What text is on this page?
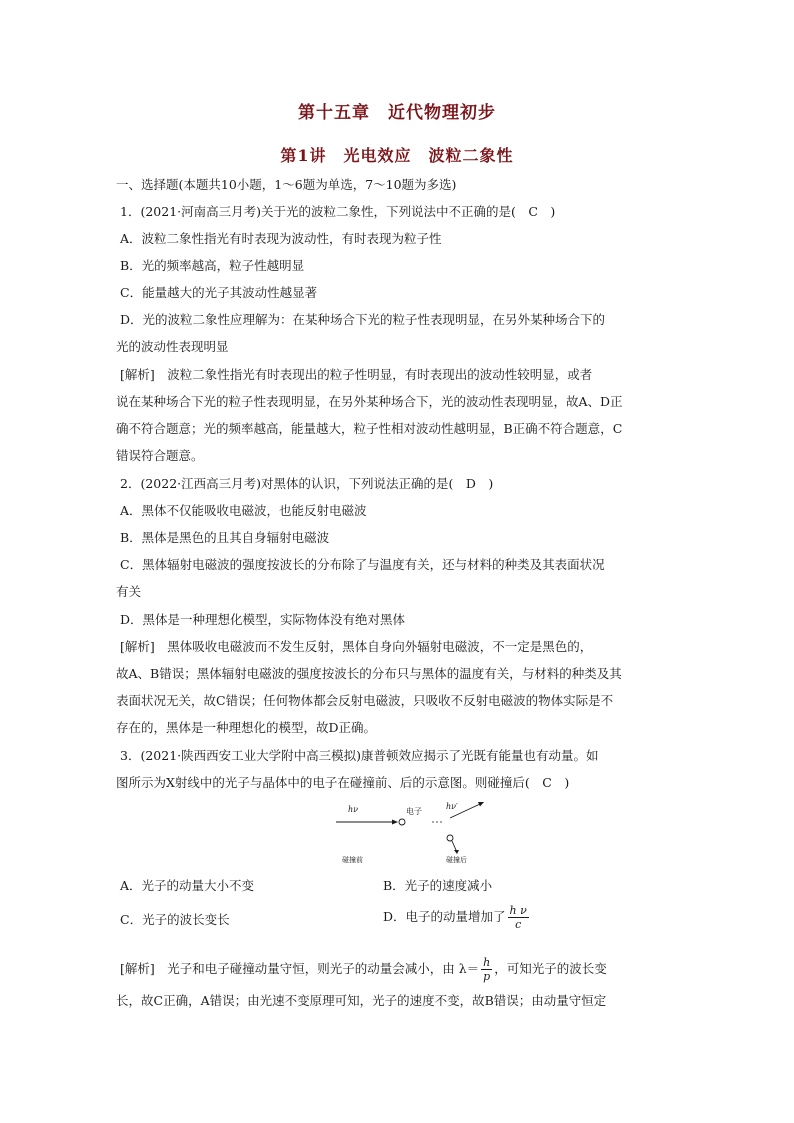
第十五章　近代物理初步
第1讲　光电效应　波粒二象性
一、选择题(本题共10小题，1～6题为单选，7～10题为多选)
1．(2021·河南高三月考)关于光的波粒二象性，下列说法中不正确的是(　C　)
A．波粒二象性指光有时表现为波动性，有时表现为粒子性
B．光的频率越高，粒子性越明显
C．能量越大的光子其波动性越显著
D．光的波粒二象性应理解为：在某种场合下光的粒子性表现明显，在另外某种场合下的
光的波动性表现明显
[解析]　波粒二象性指光有时表现出的粒子性明显，有时表现出的波动性较明显，或者
说在某种场合下光的粒子性表现明显，在另外某种场合下，光的波动性表现明显，故A、D正
确不符合题意；光的频率越高，能量越大，粒子性相对波动性越明显，B正确不符合题意，C
错误符合题意。
2．(2022·江西高三月考)对黑体的认识，下列说法正确的是(　D　)
A．黑体不仅能吸收电磁波，也能反射电磁波
B．黑体是黑色的且其自身辐射电磁波
C．黑体辐射电磁波的强度按波长的分布除了与温度有关，还与材料的种类及其表面状况
有关
D．黑体是一种理想化模型，实际物体没有绝对黑体
[解析]　黑体吸收电磁波而不发生反射，黑体自身向外辐射电磁波，不一定是黑色的，
故A、B错误；黑体辐射电磁波的强度按波长的分布只与黑体的温度有关，与材料的种类及其
表面状况无关，故C错误；任何物体都会反射电磁波，只吸收不反射电磁波的物体实际是不
存在的，黑体是一种理想化的模型，故D正确。
3．(2021·陕西西安工业大学附中高三模拟)康普顿效应揭示了光既有能量也有动量。如
图所示为X射线中的光子与晶体中的电子在碰撞前、后的示意图。则碰撞后(　C　)
hν	电子
hν′
碰撞前	碰撞后
A．光子的动量大小不变	B．光子的速度减小
C．光子的波长变长	D．电子的动量增加了 $\frac{\text{h ν}}{c}$
[解析]　光子和电子碰撞动量守恒，则光子的动量会减小，由 $\lambda= \frac{h}{p}$ ，可知光子的波长变
长，故C正确，A错误；由光速不变原理可知，光子的速度不变，故B错误；由动量守恒定
